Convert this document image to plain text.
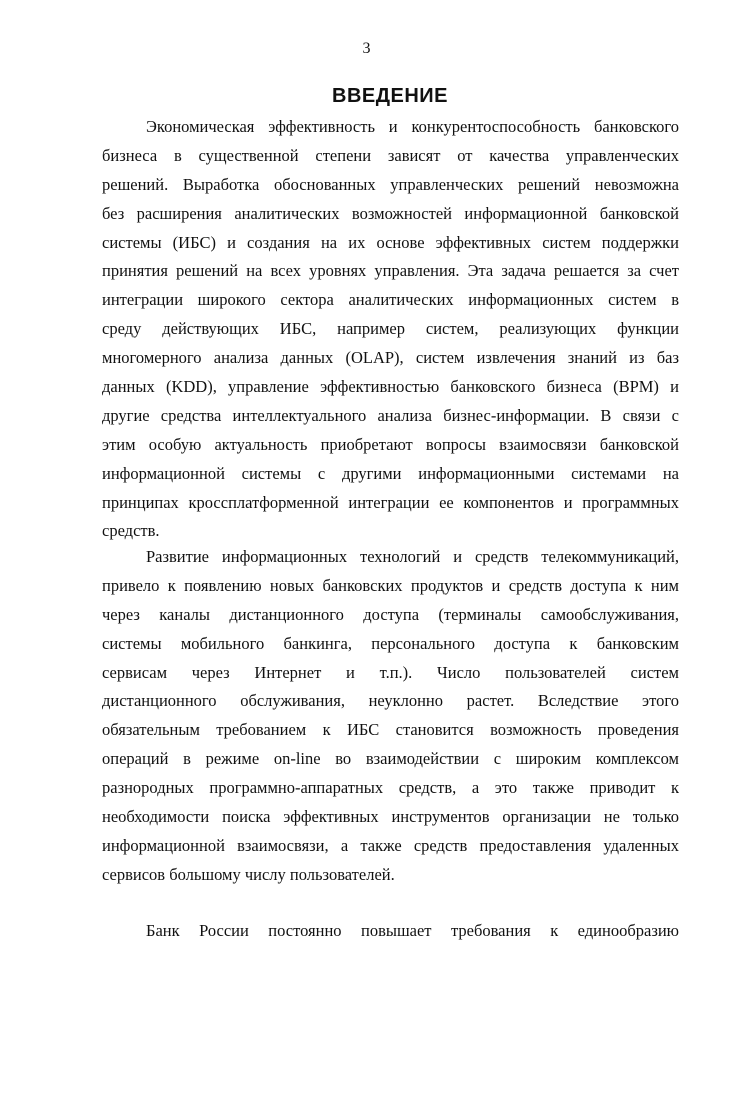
3
ВВЕДЕНИЕ
Экономическая эффективность и конкурентоспособность банковского
бизнеса в существенной степени зависят от качества управленческих
решений. Выработка обоснованных управленческих решений невозможна
без расширения аналитических возможностей информационной банковской
системы (ИБС) и создания на их основе эффективных систем поддержки
принятия решений на всех уровнях управления. Эта задача решается за счет
интеграции широкого сектора аналитических информационных систем в
среду действующих ИБС, например систем, реализующих функции
многомерного анализа данных (OLAP), систем извлечения знаний из баз
данных (KDD), управление эффективностью банковского бизнеса (BPM) и
другие средства интеллектуального анализа бизнес-информации. В связи с
этим особую актуальность приобретают вопросы взаимосвязи банковской
информационной системы с другими информационными системами на
принципах кроссплатформенной интеграции ее компонентов и программных
средств.
Развитие информационных технологий и средств телекоммуникаций,
привело к появлению новых банковских продуктов и средств доступа к ним
через каналы дистанционного доступа (терминалы самообслуживания,
системы мобильного банкинга, персонального доступа к банковским
сервисам через Интернет и т.п.). Число пользователей систем
дистанционного обслуживания, неуклонно растет. Вследствие этого
обязательным требованием к ИБС становится возможность проведения
операций в режиме on-line во взаимодействии с широким комплексом
разнородных программно-аппаратных средств, а это также приводит к
необходимости поиска эффективных инструментов организации не только
информационной взаимосвязи, а также средств предоставления удаленных
сервисов большому числу пользователей.
Банк России постоянно повышает требования к единообразию
